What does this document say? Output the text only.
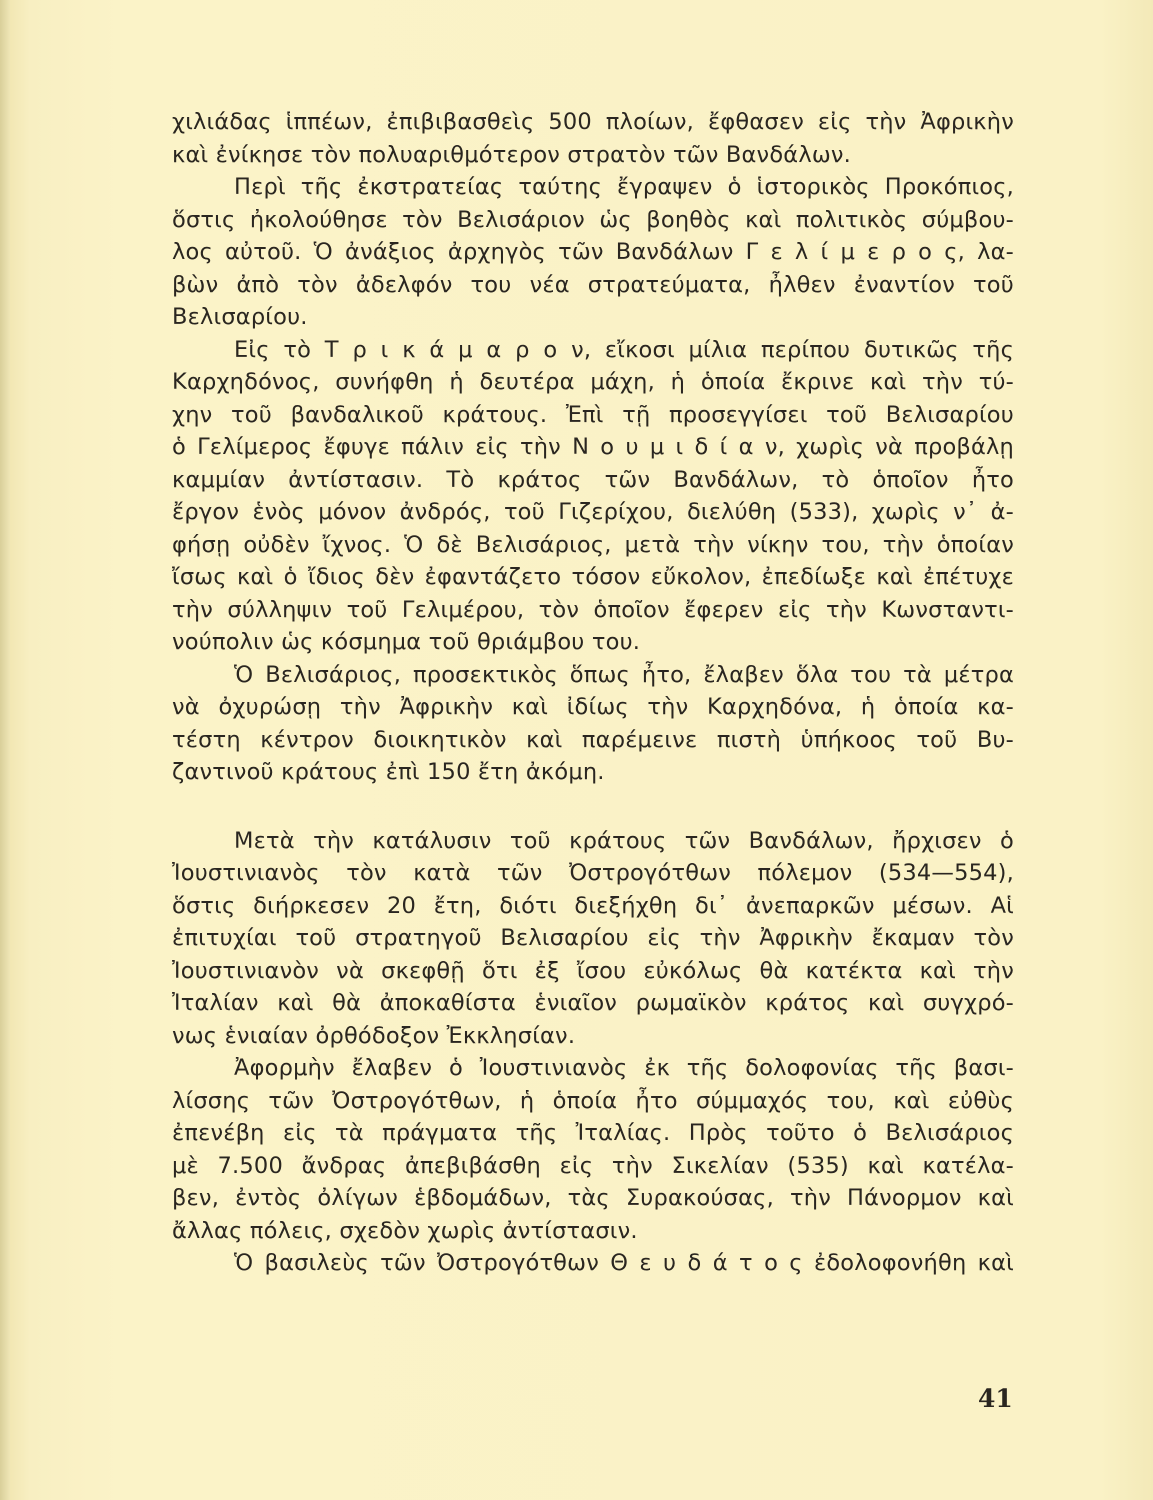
χιλιάδας ἱππέων, ἐπιβιβασθεὶς 500 πλοίων, ἔφθασεν εἰς τὴν Ἀφρικὴν
καὶ ἐνίκησε τὸν πολυαριθμότερον στρατὸν τῶν Βανδάλων.
Περὶ τῆς ἐκστρατείας ταύτης ἔγραψεν ὁ ἱστορικὸς Προκόπιος,
ὅστις ἠκολούθησε τὸν Βελισάριον ὡς βοηθὸς καὶ πολιτικὸς σύμβου-
λος αὐτοῦ. Ὁ ἀνάξιος ἀρχηγὸς τῶν Βανδάλων Γ ε λ ί μ ε ρ ο ς, λα-
βὼν ἀπὸ τὸν ἀδελφόν του νέα στρατεύματα, ἦλθεν ἐναντίον τοῦ
Βελισαρίου.
Εἰς τὸ Τ ρ ι κ ά μ α ρ ο ν, εἴκοσι μίλια περίπου δυτικῶς τῆς
Καρχηδόνος, συνήφθη ἡ δευτέρα μάχη, ἡ ὁποία ἔκρινε καὶ τὴν τύ-
χην τοῦ βανδαλικοῦ κράτους. Ἐπὶ τῇ προσεγγίσει τοῦ Βελισαρίου
ὁ Γελίμερος ἔφυγε πάλιν εἰς τὴν Ν ο υ μ ι δ ί α ν, χωρὶς νὰ προβάλῃ
καμμίαν ἀντίστασιν. Τὸ κράτος τῶν Βανδάλων, τὸ ὁποῖον ἦτο
ἔργον ἑνὸς μόνον ἀνδρός, τοῦ Γιζερίχου, διελύθη (533), χωρὶς ν᾽ ἀ-
φήσῃ οὐδὲν ἴχνος. Ὁ δὲ Βελισάριος, μετὰ τὴν νίκην του, τὴν ὁποίαν
ἴσως καὶ ὁ ἴδιος δὲν ἐφαντάζετο τόσον εὔκολον, ἐπεδίωξε καὶ ἐπέτυχε
τὴν σύλληψιν τοῦ Γελιμέρου, τὸν ὁποῖον ἔφερεν εἰς τὴν Κωνσταντι-
νούπολιν ὡς κόσμημα τοῦ θριάμβου του.
Ὁ Βελισάριος, προσεκτικὸς ὅπως ἦτο, ἔλαβεν ὅλα του τὰ μέτρα
νὰ ὀχυρώσῃ τὴν Ἀφρικὴν καὶ ἰδίως τὴν Καρχηδόνα, ἡ ὁποία κα-
τέστη κέντρον διοικητικὸν καὶ παρέμεινε πιστὴ ὑπήκοος τοῦ Βυ-
ζαντινοῦ κράτους ἐπὶ 150 ἔτη ἀκόμη.
Μετὰ τὴν κατάλυσιν τοῦ κράτους τῶν Βανδάλων, ἤρχισεν ὁ
Ἰουστινιανὸς τὸν κατὰ τῶν Ὀστρογότθων πόλεμον (534—554),
ὅστις διήρκεσεν 20 ἔτη, διότι διεξήχθη δι᾽ ἀνεπαρκῶν μέσων. Αἱ
ἐπιτυχίαι τοῦ στρατηγοῦ Βελισαρίου εἰς τὴν Ἀφρικὴν ἔκαμαν τὸν
Ἰουστινιανὸν νὰ σκεφθῇ ὅτι ἐξ ἴσου εὐκόλως θὰ κατέκτα καὶ τὴν
Ἰταλίαν καὶ θὰ ἀποκαθίστα ἑνιαῖον ρωμαϊκὸν κράτος καὶ συγχρό-
νως ἑνιαίαν ὀρθόδοξον Ἐκκλησίαν.
Ἀφορμὴν ἔλαβεν ὁ Ἰουστινιανὸς ἐκ τῆς δολοφονίας τῆς βασι-
λίσσης τῶν Ὀστρογότθων, ἡ ὁποία ἦτο σύμμαχός του, καὶ εὐθὺς
ἐπενέβη εἰς τὰ πράγματα τῆς Ἰταλίας. Πρὸς τοῦτο ὁ Βελισάριος
μὲ 7.500 ἄνδρας ἀπεβιβάσθη εἰς τὴν Σικελίαν (535) καὶ κατέλα-
βεν, ἐντὸς ὀλίγων ἑβδομάδων, τὰς Συρακούσας, τὴν Πάνορμον καὶ
ἄλλας πόλεις, σχεδὸν χωρὶς ἀντίστασιν.
Ὁ βασιλεὺς τῶν Ὀστρογότθων Θ ε υ δ ά τ ο ς ἐδολοφονήθη καὶ
41
